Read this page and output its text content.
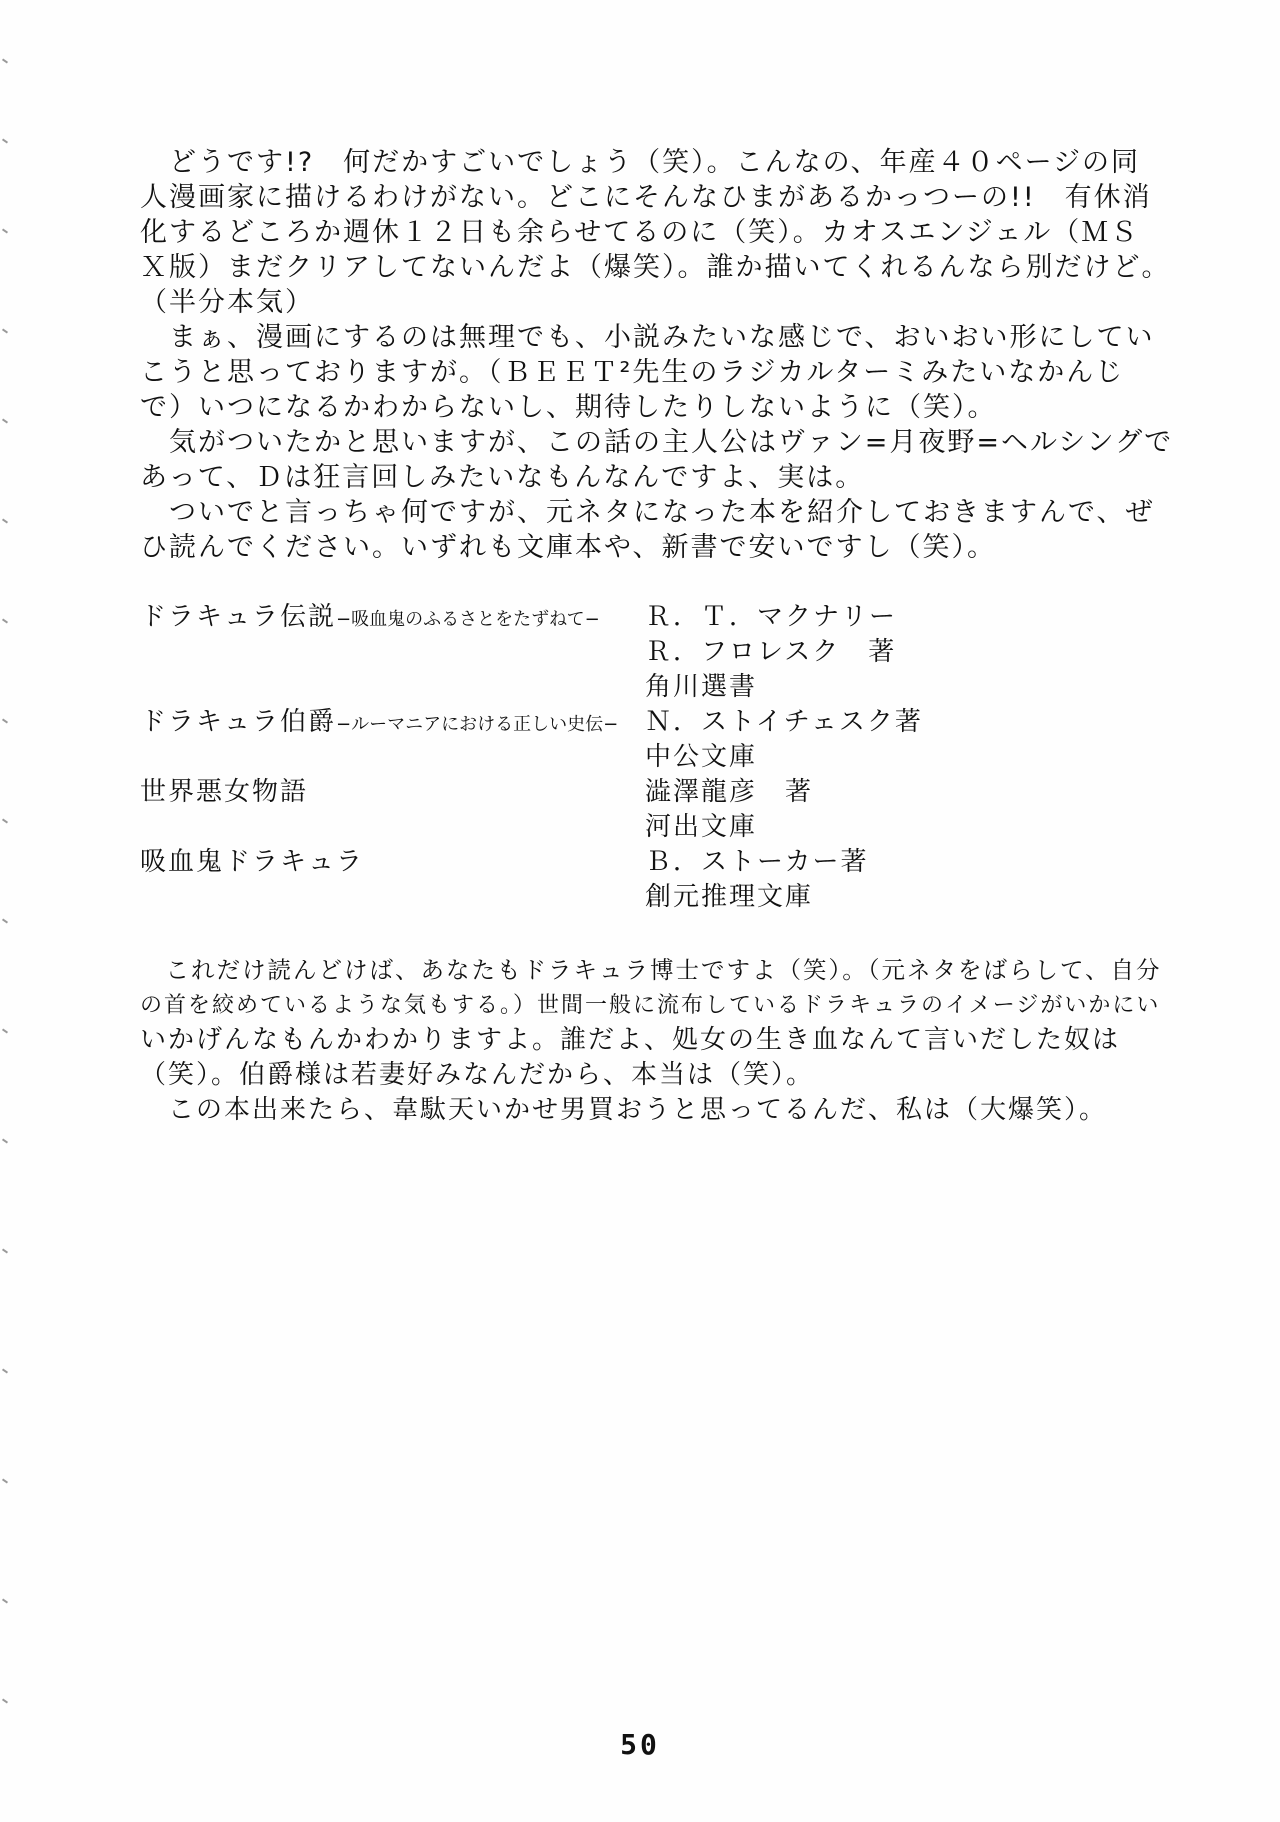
　どうです!?　何だかすごいでしょう（笑）。こんなの、年産４０ページの同
人漫画家に描けるわけがない。どこにそんなひまがあるかっつーの!!　有休消
化するどころか週休１２日も余らせてるのに（笑）。カオスエンジェル（ＭＳ
Ｘ版）まだクリアしてないんだよ（爆笑）。誰か描いてくれるんなら別だけど。
（半分本気）
　まぁ、漫画にするのは無理でも、小説みたいな感じで、おいおい形にしてい
こうと思っておりますが。（ＢＥＥＴ²先生のラジカルターミみたいなかんじ
で）いつになるかわからないし、期待したりしないように（笑）。
　気がついたかと思いますが、この話の主人公はヴァン=月夜野=ヘルシングで
あって、Ｄは狂言回しみたいなもんなんですよ、実は。
　ついでと言っちゃ何ですが、元ネタになった本を紹介しておきますんで、ぜ
ひ読んでください。いずれも文庫本や、新書で安いですし（笑）。
ドラキュラ伝説−吸血鬼のふるさとをたずねて− Ｒ．Ｔ．マクナリー
Ｒ．フロレスク　著
角川選書
ドラキュラ伯爵−ルーマニアにおける正しい史伝− Ｎ．ストイチェスク著
中公文庫
世界悪女物語	澁澤龍彦　著
河出文庫
吸血鬼ドラキュラ	Ｂ．ストーカー著
創元推理文庫
　これだけ読んどけば、あなたもドラキュラ博士ですよ（笑）。（元ネタをばらして、自分
の首を絞めているような気もする。）世間一般に流布しているドラキュラのイメージがいかにい
いかげんなもんかわかりますよ。誰だよ、処女の生き血なんて言いだした奴は
（笑）。伯爵様は若妻好みなんだから、本当は（笑）。
　この本出来たら、韋駄天いかせ男買おうと思ってるんだ、私は（大爆笑）。
50
